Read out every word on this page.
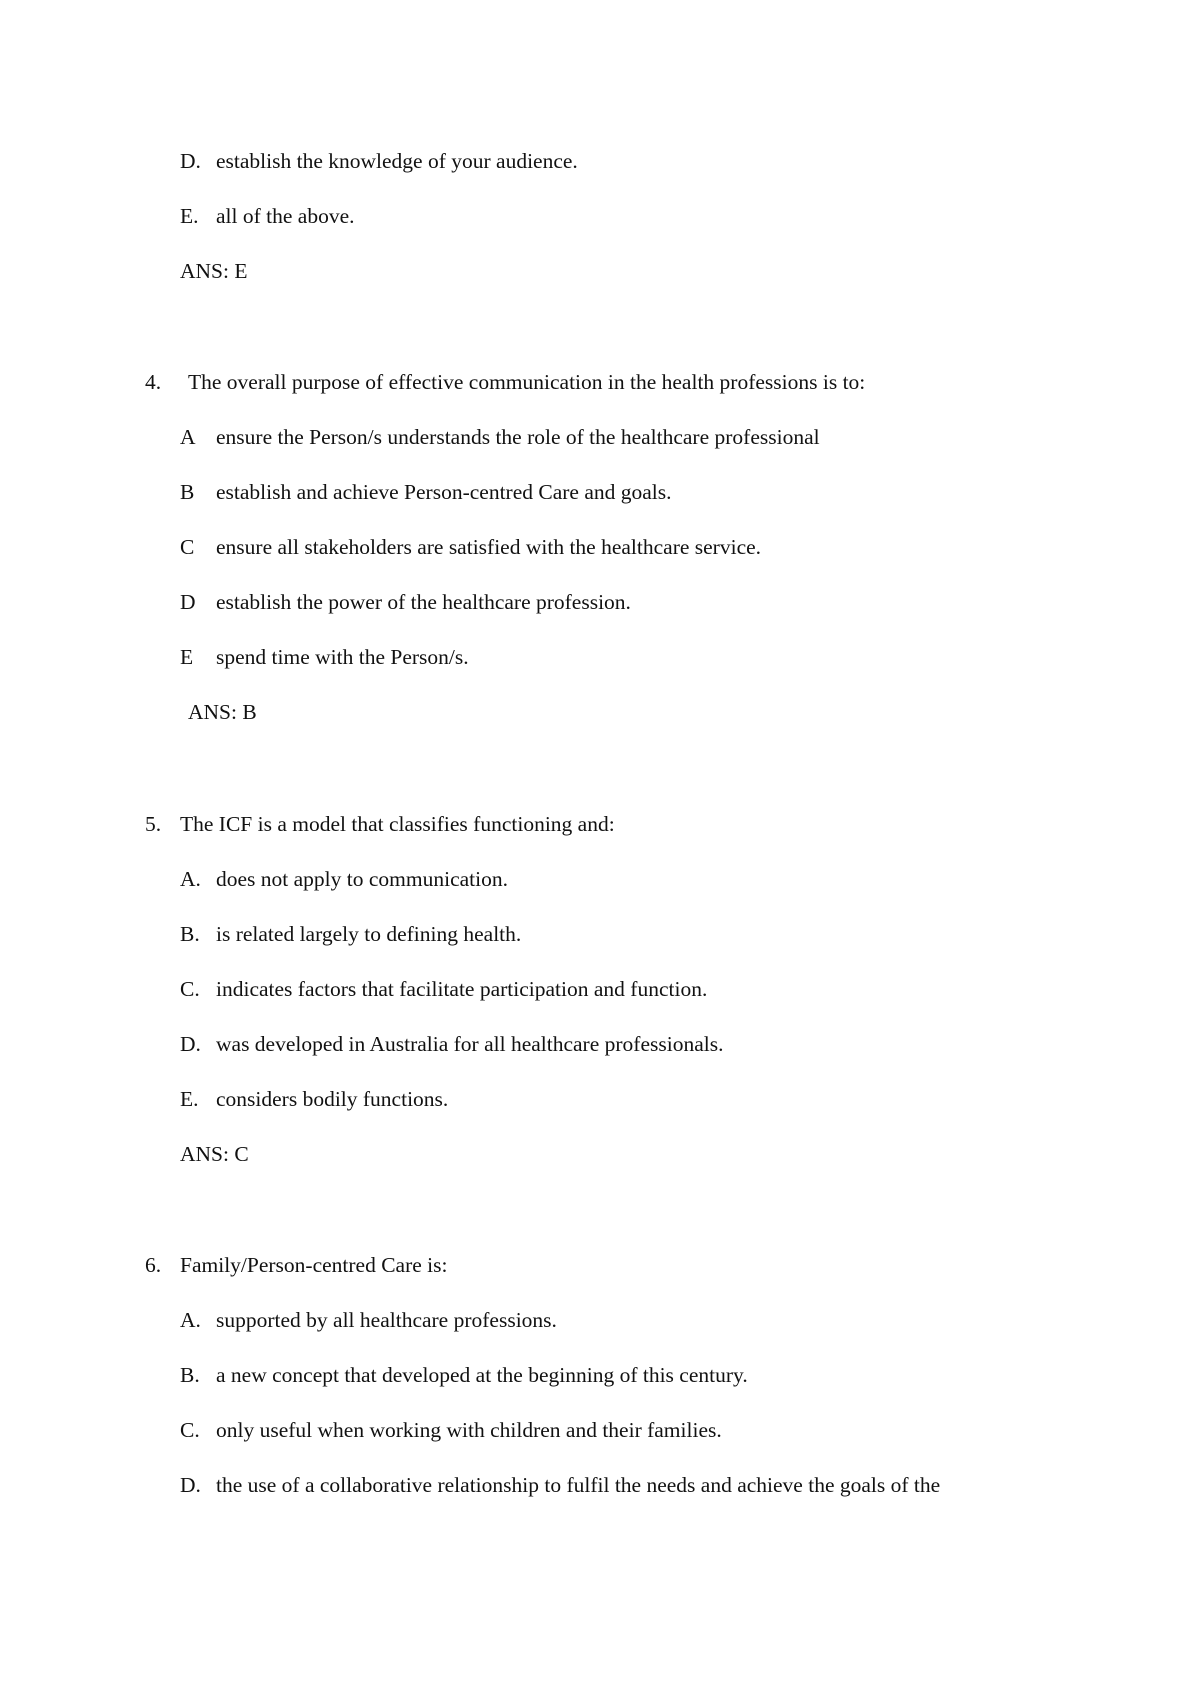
D. establish the knowledge of your audience.
E. all of the above.
ANS: E
4. The overall purpose of effective communication in the health professions is to:
A ensure the Person/s understands the role of the healthcare professional
B establish and achieve Person-centred Care and goals.
C ensure all stakeholders are satisfied with the healthcare service.
D establish the power of the healthcare profession.
E spend time with the Person/s.
ANS: B
5. The ICF is a model that classifies functioning and:
A. does not apply to communication.
B. is related largely to defining health.
C. indicates factors that facilitate participation and function.
D. was developed in Australia for all healthcare professionals.
E. considers bodily functions.
ANS: C
6. Family/Person-centred Care is:
A. supported by all healthcare professions.
B. a new concept that developed at the beginning of this century.
C. only useful when working with children and their families.
D. the use of a collaborative relationship to fulfil the needs and achieve the goals of the
